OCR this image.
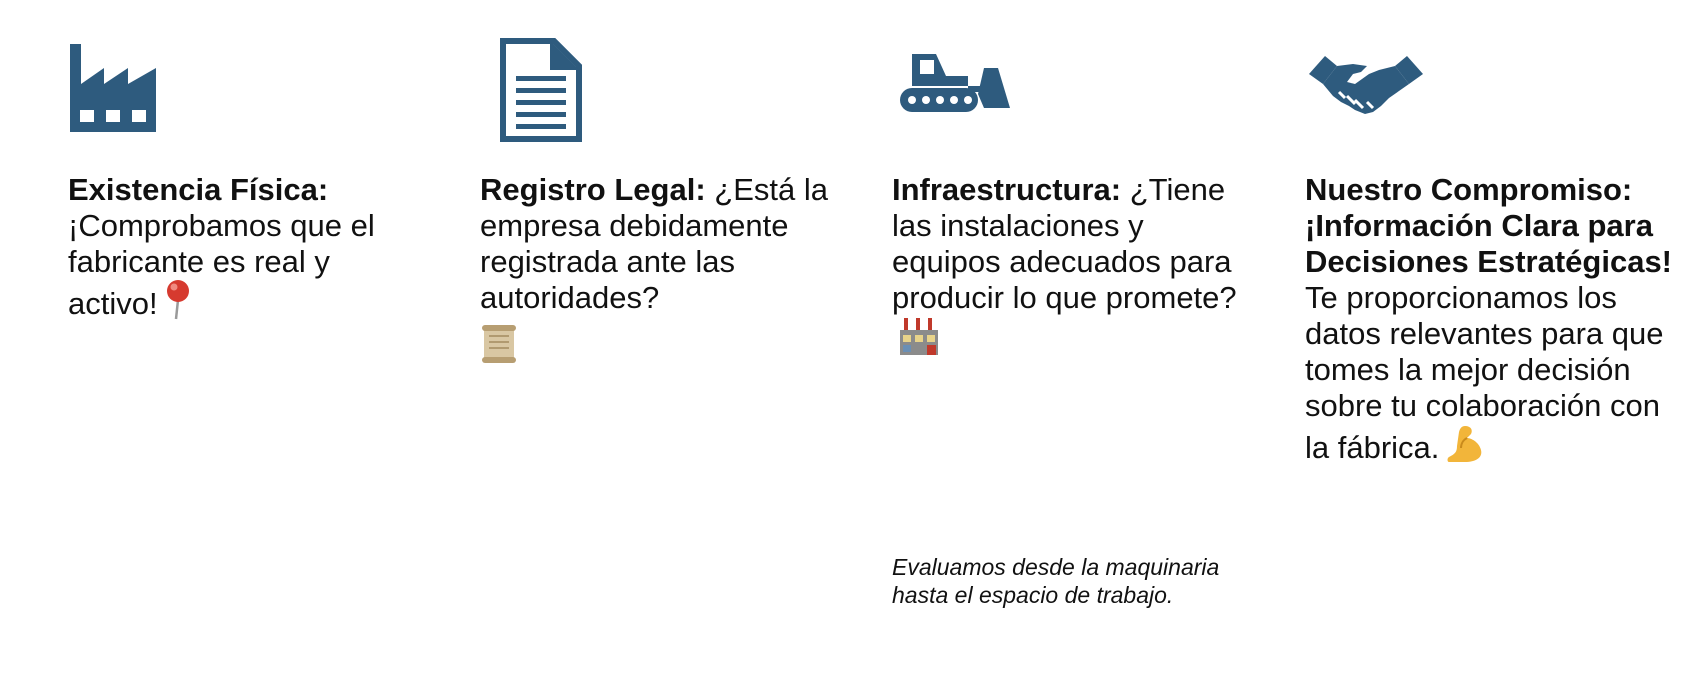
Existencia Física: ¡Comprobamos que el fabricante es real y activo!

Registro Legal: ¿Está la empresa debidamente registrada ante las autoridades?

Infraestructura: ¿Tiene las instalaciones y equipos adecuados para producir lo que promete?

Nuestro Compromiso: ¡Información Clara para Decisiones Estratégicas! Te proporcionamos los datos relevantes para que tomes la mejor decisión sobre tu colaboración con la fábrica.

Evaluamos desde la maquinaria hasta el espacio de trabajo.
